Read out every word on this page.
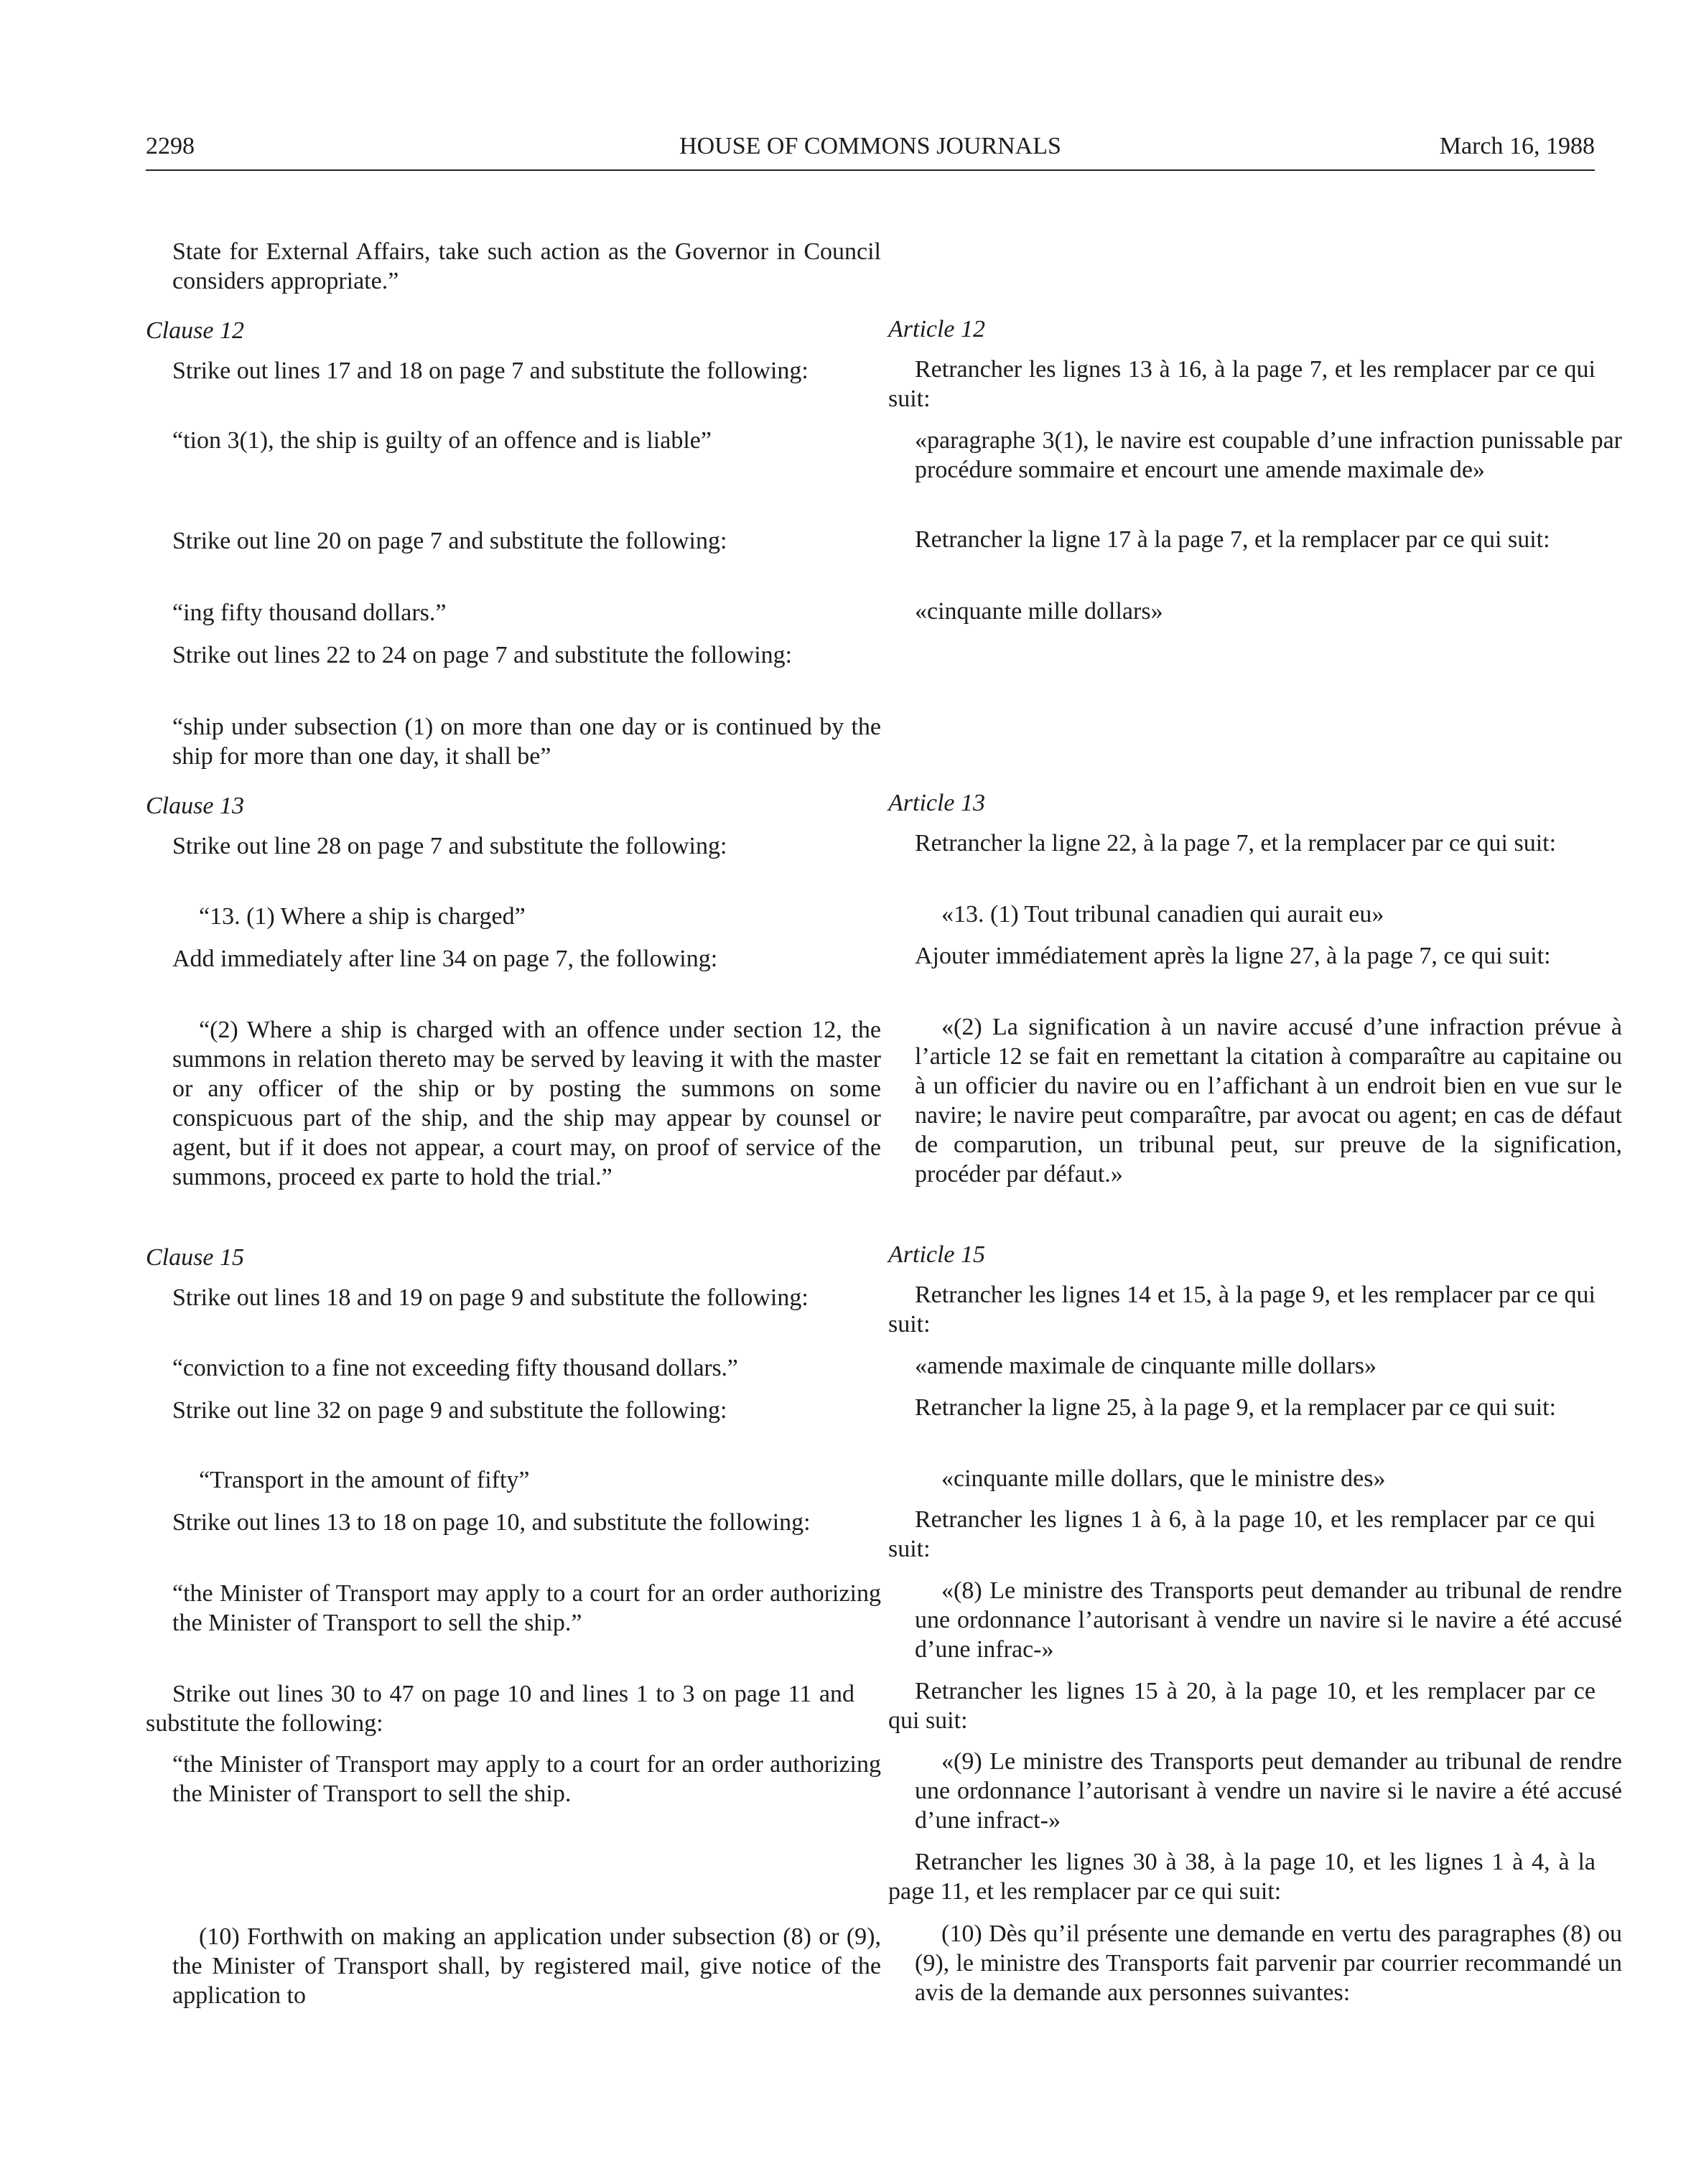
2298	HOUSE OF COMMONS JOURNALS	March 16, 1988

State for External Affairs, take such action as the Governor in Council considers appropriate.”

Clause 12

Strike out lines 17 and 18 on page 7 and substitute the following:

“tion 3(1), the ship is guilty of an offence and is liable”

Strike out line 20 on page 7 and substitute the following:

“ing fifty thousand dollars.”

Strike out lines 22 to 24 on page 7 and substitute the following:

“ship under subsection (1) on more than one day or is continued by the ship for more than one day, it shall be”

Clause 13

Strike out line 28 on page 7 and substitute the following:

“13. (1) Where a ship is charged”

Add immediately after line 34 on page 7, the following:

“(2) Where a ship is charged with an offence under section 12, the summons in relation thereto may be served by leaving it with the master or any officer of the ship or by posting the summons on some conspicuous part of the ship, and the ship may appear by counsel or agent, but if it does not appear, a court may, on proof of service of the summons, proceed ex parte to hold the trial.”

Clause 15

Strike out lines 18 and 19 on page 9 and substitute the following:

“conviction to a fine not exceeding fifty thousand dollars.”

Strike out line 32 on page 9 and substitute the following:

“Transport in the amount of fifty”

Strike out lines 13 to 18 on page 10, and substitute the following:

“the Minister of Transport may apply to a court for an order authorizing the Minister of Transport to sell the ship.”

Strike out lines 30 to 47 on page 10 and lines 1 to 3 on page 11 and substitute the following:

“the Minister of Transport may apply to a court for an order authorizing the Minister of Transport to sell the ship.

(10) Forthwith on making an application under subsection (8) or (9), the Minister of Transport shall, by registered mail, give notice of the application to

Article 12

Retrancher les lignes 13 à 16, à la page 7, et les remplacer par ce qui suit:

«paragraphe 3(1), le navire est coupable d’une infraction punissable par procédure sommaire et encourt une amende maximale de»

Retrancher la ligne 17 à la page 7, et la remplacer par ce qui suit:

«cinquante mille dollars»

Article 13

Retrancher la ligne 22, à la page 7, et la remplacer par ce qui suit:

«13. (1) Tout tribunal canadien qui aurait eu»

Ajouter immédiatement après la ligne 27, à la page 7, ce qui suit:

«(2) La signification à un navire accusé d’une infraction prévue à l’article 12 se fait en remettant la citation à comparaître au capitaine ou à un officier du navire ou en l’affichant à un endroit bien en vue sur le navire; le navire peut comparaître, par avocat ou agent; en cas de défaut de comparution, un tribunal peut, sur preuve de la signification, procéder par défaut.»

Article 15

Retrancher les lignes 14 et 15, à la page 9, et les remplacer par ce qui suit:

«amende maximale de cinquante mille dollars»

Retrancher la ligne 25, à la page 9, et la remplacer par ce qui suit:

«cinquante mille dollars, que le ministre des»

Retrancher les lignes 1 à 6, à la page 10, et les remplacer par ce qui suit:

«(8) Le ministre des Transports peut demander au tribunal de rendre une ordonnance l’autorisant à vendre un navire si le navire a été accusé d’une infrac-»

Retrancher les lignes 15 à 20, à la page 10, et les remplacer par ce qui suit:

«(9) Le ministre des Transports peut demander au tribunal de rendre une ordonnance l’autorisant à vendre un navire si le navire a été accusé d’une infract-»

Retrancher les lignes 30 à 38, à la page 10, et les lignes 1 à 4, à la page 11, et les remplacer par ce qui suit:

(10) Dès qu’il présente une demande en vertu des paragraphes (8) ou (9), le ministre des Transports fait parvenir par courrier recommandé un avis de la demande aux personnes suivantes:
